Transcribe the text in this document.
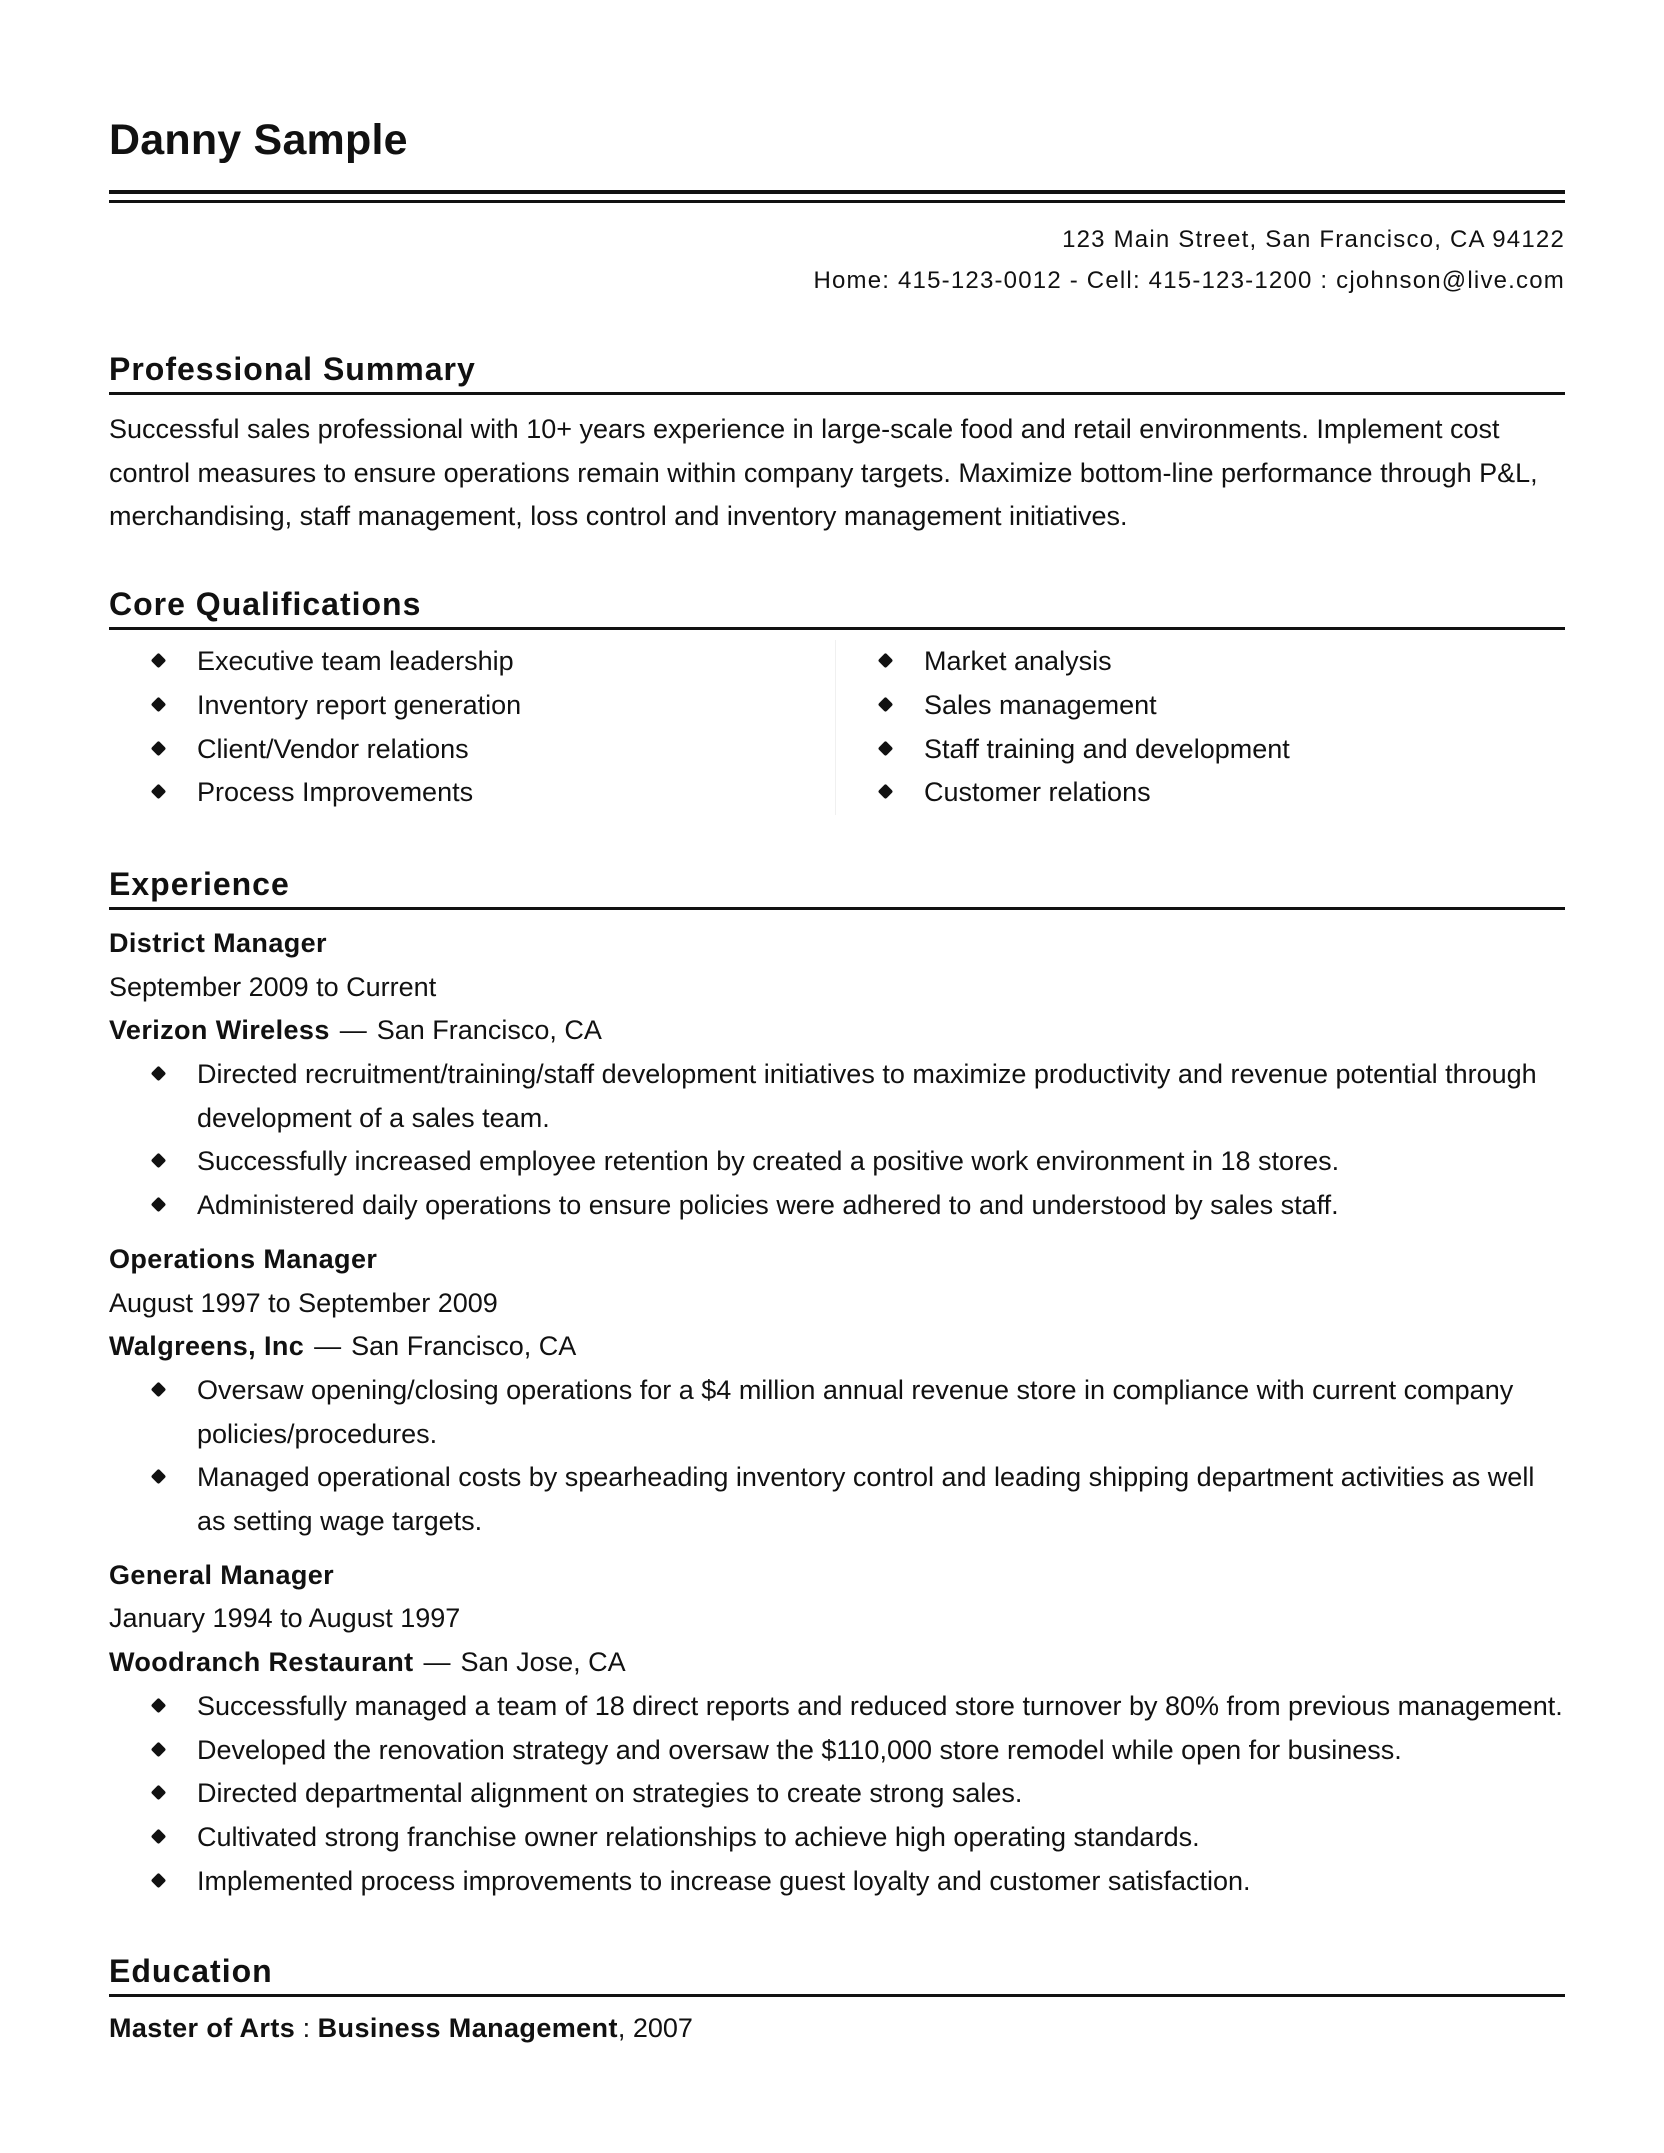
Danny Sample
123 Main Street, San Francisco, CA 94122
Home: 415-123-0012 - Cell: 415-123-1200 : cjohnson@live.com
Professional Summary
Successful sales professional with 10+ years experience in large-scale food and retail environments. Implement cost control measures to ensure operations remain within company targets. Maximize bottom-line performance through P&L, merchandising, staff management, loss control and inventory management initiatives.
Core Qualifications
Executive team leadership
Inventory report generation
Client/Vendor relations
Process Improvements
Market analysis
Sales management
Staff training and development
Customer relations
Experience
District Manager
September 2009 to Current
Verizon Wireless — San Francisco, CA
Directed recruitment/training/staff development initiatives to maximize productivity and revenue potential through development of a sales team.
Successfully increased employee retention by created a positive work environment in 18 stores.
Administered daily operations to ensure policies were adhered to and understood by sales staff.
Operations Manager
August 1997 to September 2009
Walgreens, Inc — San Francisco, CA
Oversaw opening/closing operations for a $4 million annual revenue store in compliance with current company policies/procedures.
Managed operational costs by spearheading inventory control and leading shipping department activities as well as setting wage targets.
General Manager
January 1994 to August 1997
Woodranch Restaurant — San Jose, CA
Successfully managed a team of 18 direct reports and reduced store turnover by 80% from previous management.
Developed the renovation strategy and oversaw the $110,000 store remodel while open for business.
Directed departmental alignment on strategies to create strong sales.
Cultivated strong franchise owner relationships to achieve high operating standards.
Implemented process improvements to increase guest loyalty and customer satisfaction.
Education
Master of Arts : Business Management, 2007
